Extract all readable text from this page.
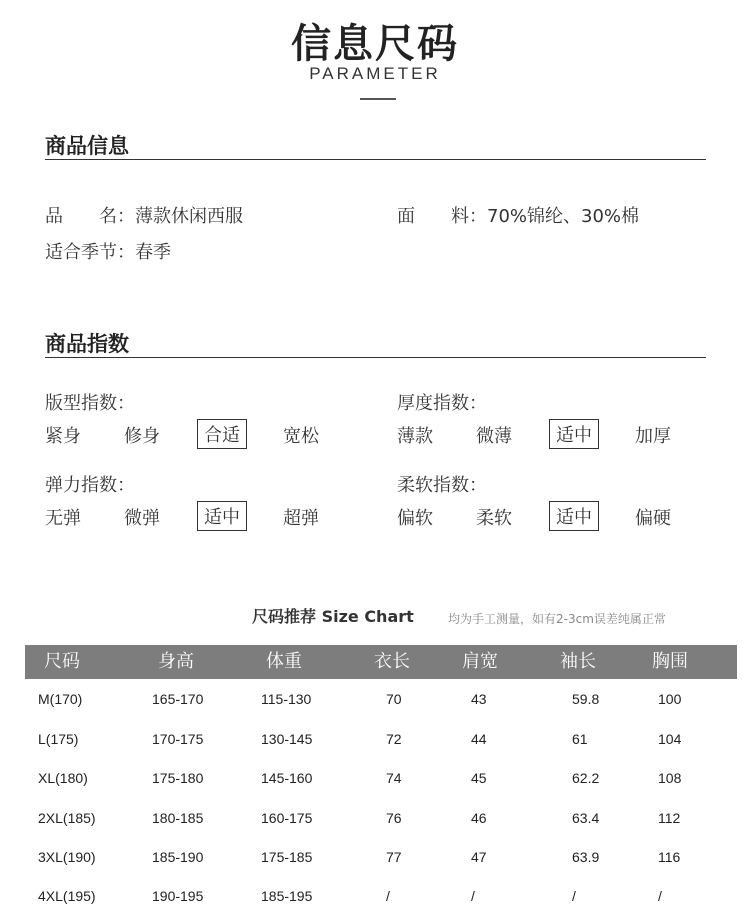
信息尺码
PARAMETER
商品信息
品　　名：薄款休闲西服	面　　料：70%锦纶、30%棉
适合季节：春季
商品指数
版型指数：
紧身 修身	合适	宽松
厚度指数：
薄款 微薄	适中	加厚
弹力指数：
无弹 微弹	适中	超弹
柔软指数：
偏软 柔软	适中	偏硬
尺码推荐 Size Chart	均为手工测量，如有2-3cm误差纯属正常
尺码	身高	体重	衣长	肩宽	袖长	胸围
M(170)	165-170	115-130	70	43	59.8	100
L(175)	170-175	130-145	72	44	61	104
XL(180)	175-180	145-160	74	45	62.2	108
2XL(185)	180-185	160-175	76	46	63.4	112
3XL(190)	185-190	175-185	77	47	63.9	116
4XL(195)	190-195	185-195	/	/	/	/
